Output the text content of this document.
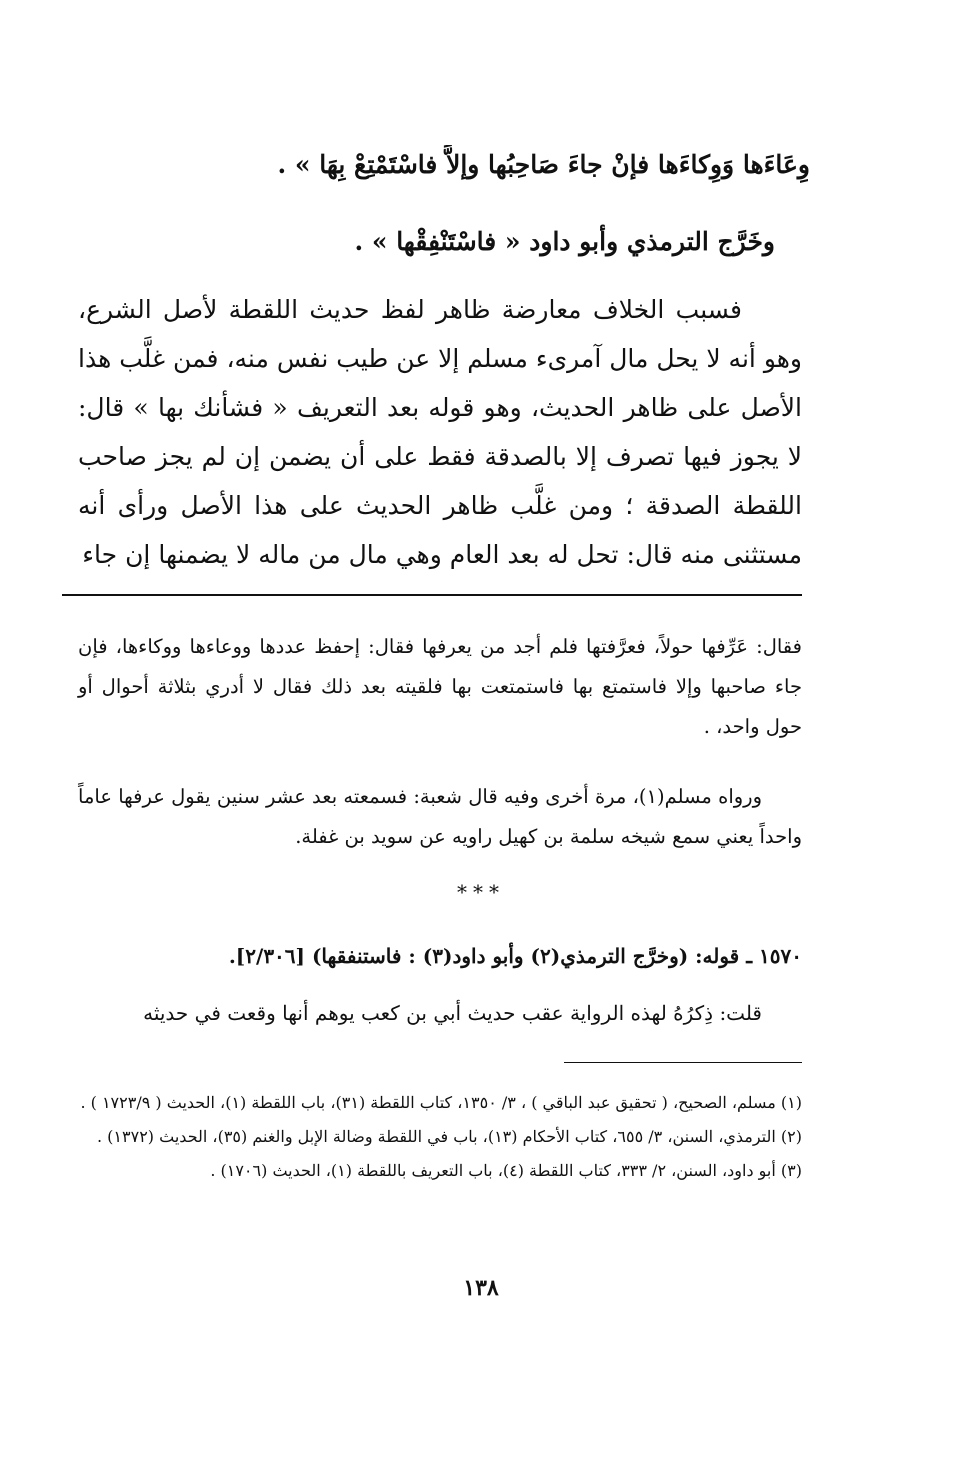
وِعَاءَها وَوِكاءَها فإنْ جاءَ صَاحِبُها وإلاَّ فاسْتَمْتِعْ بِهَا » .
وخَرَّج الترمذي وأبو داود « فاسْتَنْفِقْها » .

فسبب الخلاف معارضة ظاهر لفظ حديث اللقطة لأصل الشرع، وهو أنه لا يحل مال آمرىء مسلم إلا عن طيب نفس منه، فمن غلَّب هذا الأصل على ظاهر الحديث، وهو قوله بعد التعريف « فشأنك بها » قال: لا يجوز فيها تصرف إلا بالصدقة فقط على أن يضمن إن لم يجز صاحب اللقطة الصدقة ؛ ومن غلَّب ظاهر الحديث على هذا الأصل ورأى أنه مستثنى منه قال: تحل له بعد العام وهي مال من ماله لا يضمنها إن جاء

فقال: عَرِّفها حولاً، فعرَّفتها فلم أجد من يعرفها فقال: إحفظ عددها ووعاءها ووكاءها، فإن جاء صاحبها وإلا فاستمتع بها فاستمتعت بها فلقيته بعد ذلك فقال لا أدري بثلاثة أحوال أو حول واحد، .

ورواه مسلم(١)، مرة أخرى وفيه قال شعبة: فسمعته بعد عشر سنين يقول عرفها عاماً واحداً يعني سمع شيخه سلمة بن كهيل راويه عن سويد بن غفلة.

***
١٥٧٠ ـ قوله: (وخرَّج الترمذي(٢) وأبو داود(٣) : فاستنفقها) [٢/٣٠٦].

قلت: ذِكرُهُ لهذه الرواية عقب حديث أبي بن كعب يوهم أنها وقعت في حديثه

(١) مسلم، الصحيح، ( تحقيق عبد الباقي ) ، ٣/ ١٣٥٠، كتاب اللقطة (٣١)، باب اللقطة (١)، الحديث ( ١٧٢٣/٩ ) .

(٢) الترمذي، السنن، ٣/ ٦٥٥، كتاب الأحكام (١٣)، باب في اللقطة وضالة الإبل والغنم (٣٥)، الحديث (١٣٧٢) .

(٣) أبو داود، السنن، ٢/ ٣٣٣، كتاب اللقطة (٤)، باب التعريف باللقطة (١)، الحديث (١٧٠٦) .

١٣٨
